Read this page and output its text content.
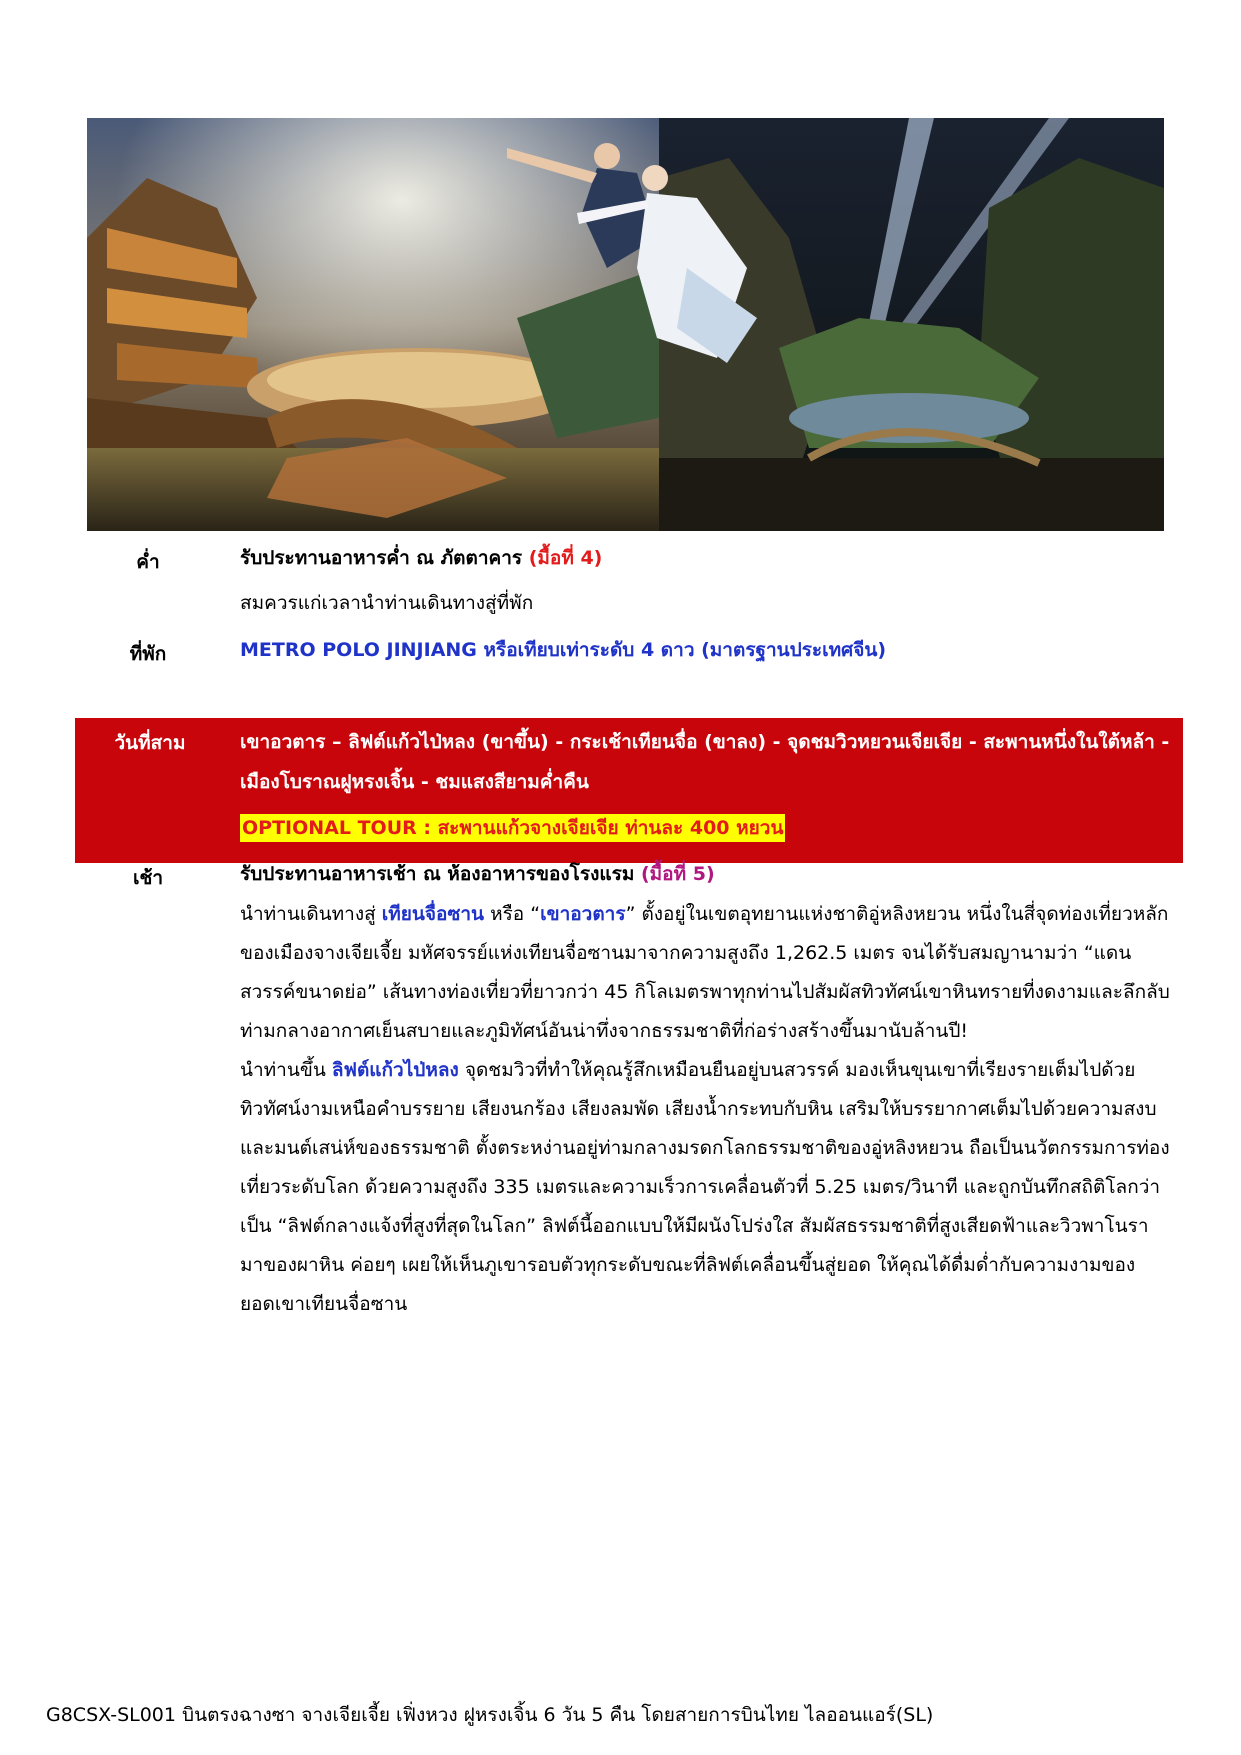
ค่ำ	รับประทานอาหารค่ำ ณ ภัตตาคาร (มื้อที่ 4)
สมควรแก่เวลานำท่านเดินทางสู่ที่พัก
ที่พัก	METRO POLO JINJIANG หรือเทียบเท่าระดับ 4 ดาว (มาตรฐานประเทศจีน)
วันที่สาม	เขาอวตาร – ลิฟต์แก้วไป่หลง (ขาขึ้น) - กระเช้าเทียนจื่อ (ขาลง) - จุดชมวิวหยวนเจียเจีย - สะพานหนึ่งในใต้หล้า - เมืองโบราณฝูหรงเจิ้น - ชมแสงสียามค่ำคืน
OPTIONAL TOUR : สะพานแก้วจางเจียเจีย ท่านละ 400 หยวน
เช้า	รับประทานอาหารเช้า ณ ห้องอาหารของโรงแรม (มื้อที่ 5)

นำท่านเดินทางสู่ เทียนจื่อซาน หรือ “เขาอวตาร” ตั้งอยู่ในเขตอุทยานแห่งชาติอู่หลิงหยวน หนึ่งในสี่จุดท่องเที่ยวหลักของเมืองจางเจียเจี้ย มหัศจรรย์แห่งเทียนจื่อซานมาจากความสูงถึง 1,262.5 เมตร จนได้รับสมญานามว่า “แดนสวรรค์ขนาดย่อ” เส้นทางท่องเที่ยวที่ยาวกว่า 45 กิโลเมตรพาทุกท่านไปสัมผัสทิวทัศน์เขาหินทรายที่งดงามและลึกลับ ท่ามกลางอากาศเย็นสบายและภูมิทัศน์อันน่าทึ่งจากธรรมชาติที่ก่อร่างสร้างขึ้นมานับล้านปี!

นำท่านขึ้น ลิฟต์แก้วไป่หลง จุดชมวิวที่ทำให้คุณรู้สึกเหมือนยืนอยู่บนสวรรค์ มองเห็นขุนเขาที่เรียงรายเต็มไปด้วยทิวทัศน์งามเหนือคำบรรยาย เสียงนกร้อง เสียงลมพัด เสียงน้ำกระทบกับหิน เสริมให้บรรยากาศเต็มไปด้วยความสงบและมนต์เสน่ห์ของธรรมชาติ ตั้งตระหง่านอยู่ท่ามกลางมรดกโลกธรรมชาติของอู่หลิงหยวน ถือเป็นนวัตกรรมการท่องเที่ยวระดับโลก ด้วยความสูงถึง 335 เมตรและความเร็วการเคลื่อนตัวที่ 5.25 เมตร/วินาที และถูกบันทึกสถิติโลกว่าเป็น “ลิฟต์กลางแจ้งที่สูงที่สุดในโลก” ลิฟต์นี้ออกแบบให้มีผนังโปร่งใส สัมผัสธรรมชาติที่สูงเสียดฟ้าและวิวพาโนรามาของผาหิน ค่อยๆ เผยให้เห็นภูเขารอบตัวทุกระดับขณะที่ลิฟต์เคลื่อนขึ้นสู่ยอด ให้คุณได้ดื่มด่ำกับความงามของยอดเขาเทียนจื่อซาน

G8CSX-SL001 บินตรงฉางซา จางเจียเจี้ย เฟิ่งหวง ฝูหรงเจิ้น 6 วัน 5 คืน โดยสายการบินไทย ไลออนแอร์(SL)
